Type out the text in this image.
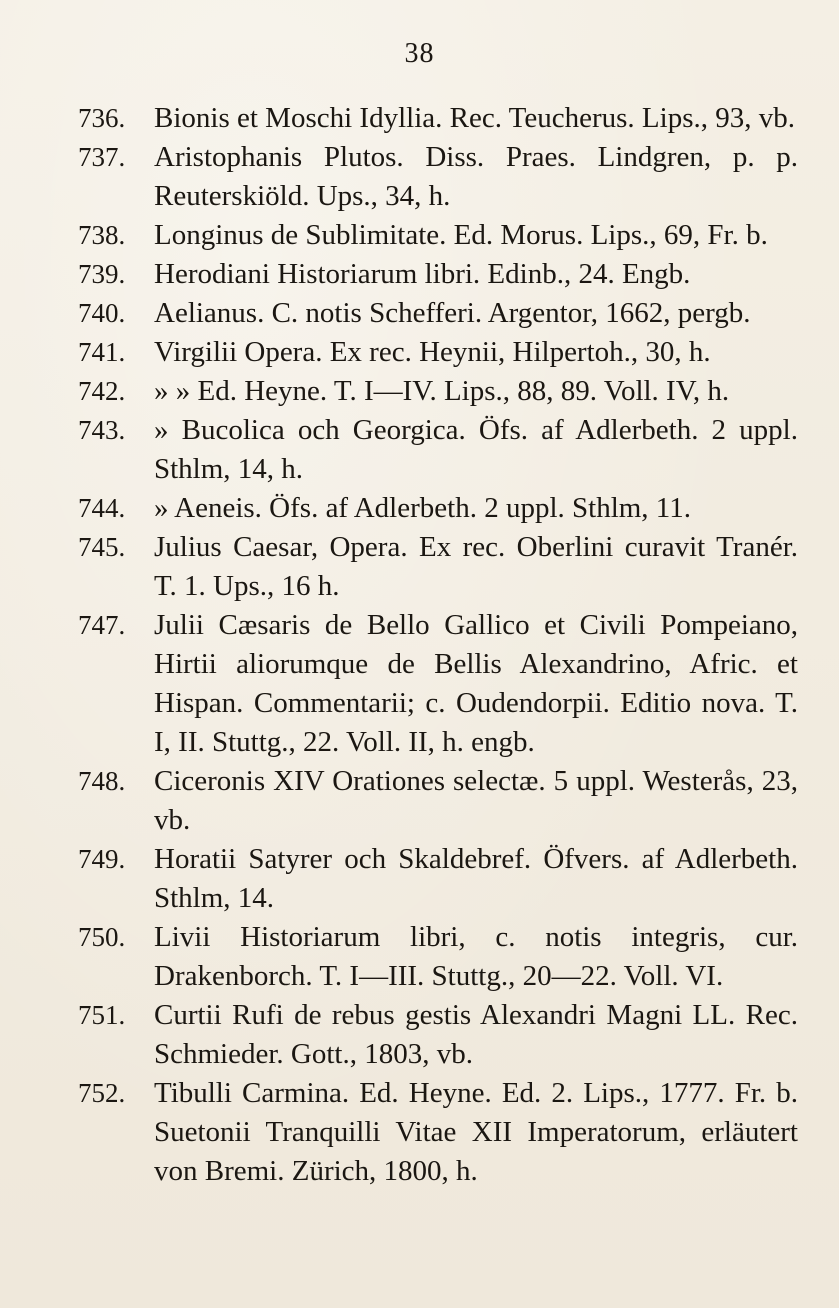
38
736. Bionis et Moschi Idyllia. Rec. Teucherus. Lips., 93, vb.
737. Aristophanis Plutos. Diss. Praes. Lindgren, p. p. Reuterskiöld. Ups., 34, h.
738. Longinus de Sublimitate. Ed. Morus. Lips., 69, Fr. b.
739. Herodiani Historiarum libri. Edinb., 24. Engb.
740. Aelianus. C. notis Schefferi. Argentor, 1662, pergb.
741. Virgilii Opera. Ex rec. Heynii, Hilpertoh., 30, h.
742. » » Ed. Heyne. T. I—IV. Lips., 88, 89. Voll. IV, h.
743. » Bucolica och Georgica. Öfs. af Adlerbeth. 2 uppl. Sthlm, 14, h.
744. » Aeneis. Öfs. af Adlerbeth. 2 uppl. Sthlm, 11.
745. Julius Caesar, Opera. Ex rec. Oberlini curavit Tranér. T. 1. Ups., 16 h.
747. Julii Cæsaris de Bello Gallico et Civili Pompeiano, Hirtii aliorumque de Bellis Alexandrino, Afric. et Hispan. Commentarii; c. Oudendorpii. Editio nova. T. I, II. Stuttg., 22. Voll. II, h. engb.
748. Ciceronis XIV Orationes selectæ. 5 uppl. Westerås, 23, vb.
749. Horatii Satyrer och Skaldebref. Öfvers. af Adlerbeth. Sthlm, 14.
750. Livii Historiarum libri, c. notis integris, cur. Drakenborch. T. I—III. Stuttg., 20—22. Voll. VI.
751. Curtii Rufi de rebus gestis Alexandri Magni LL. Rec. Schmieder. Gott., 1803, vb.
752. Tibulli Carmina. Ed. Heyne. Ed. 2. Lips., 1777. Fr. b. Suetonii Tranquilli Vitae XII Imperatorum, erläutert von Bremi. Zürich, 1800, h.
